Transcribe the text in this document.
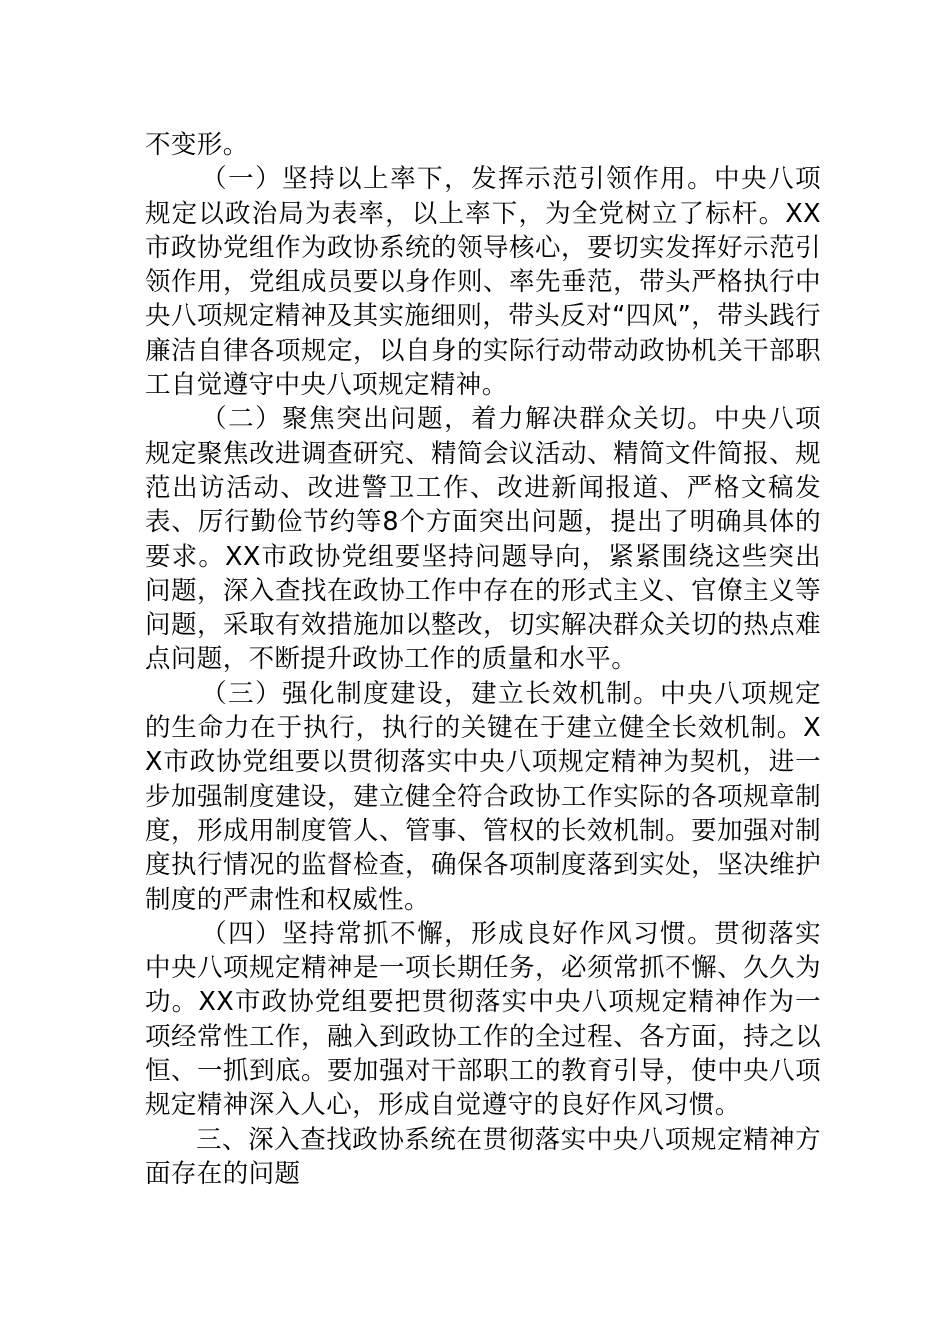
不变形。

（一）坚持以上率下，发挥示范引领作用。中央八项规定以政治局为表率，以上率下，为全党树立了标杆。XX市政协党组作为政协系统的领导核心，要切实发挥好示范引领作用，党组成员要以身作则、率先垂范，带头严格执行中央八项规定精神及其实施细则，带头反对“四风”，带头践行廉洁自律各项规定，以自身的实际行动带动政协机关干部职工自觉遵守中央八项规定精神。

（二）聚焦突出问题，着力解决群众关切。中央八项规定聚焦改进调查研究、精简会议活动、精简文件简报、规范出访活动、改进警卫工作、改进新闻报道、严格文稿发表、厉行勤俭节约等8个方面突出问题，提出了明确具体的要求。XX市政协党组要坚持问题导向，紧紧围绕这些突出问题，深入查找在政协工作中存在的形式主义、官僚主义等问题，采取有效措施加以整改，切实解决群众关切的热点难点问题，不断提升政协工作的质量和水平。

（三）强化制度建设，建立长效机制。中央八项规定的生命力在于执行，执行的关键在于建立健全长效机制。XX市政协党组要以贯彻落实中央八项规定精神为契机，进一步加强制度建设，建立健全符合政协工作实际的各项规章制度，形成用制度管人、管事、管权的长效机制。要加强对制度执行情况的监督检查，确保各项制度落到实处，坚决维护制度的严肃性和权威性。

（四）坚持常抓不懈，形成良好作风习惯。贯彻落实中央八项规定精神是一项长期任务，必须常抓不懈、久久为功。XX市政协党组要把贯彻落实中央八项规定精神作为一项经常性工作，融入到政协工作的全过程、各方面，持之以恒、一抓到底。要加强对干部职工的教育引导，使中央八项规定精神深入人心，形成自觉遵守的良好作风习惯。

三、深入查找政协系统在贯彻落实中央八项规定精神方面存在的问题
